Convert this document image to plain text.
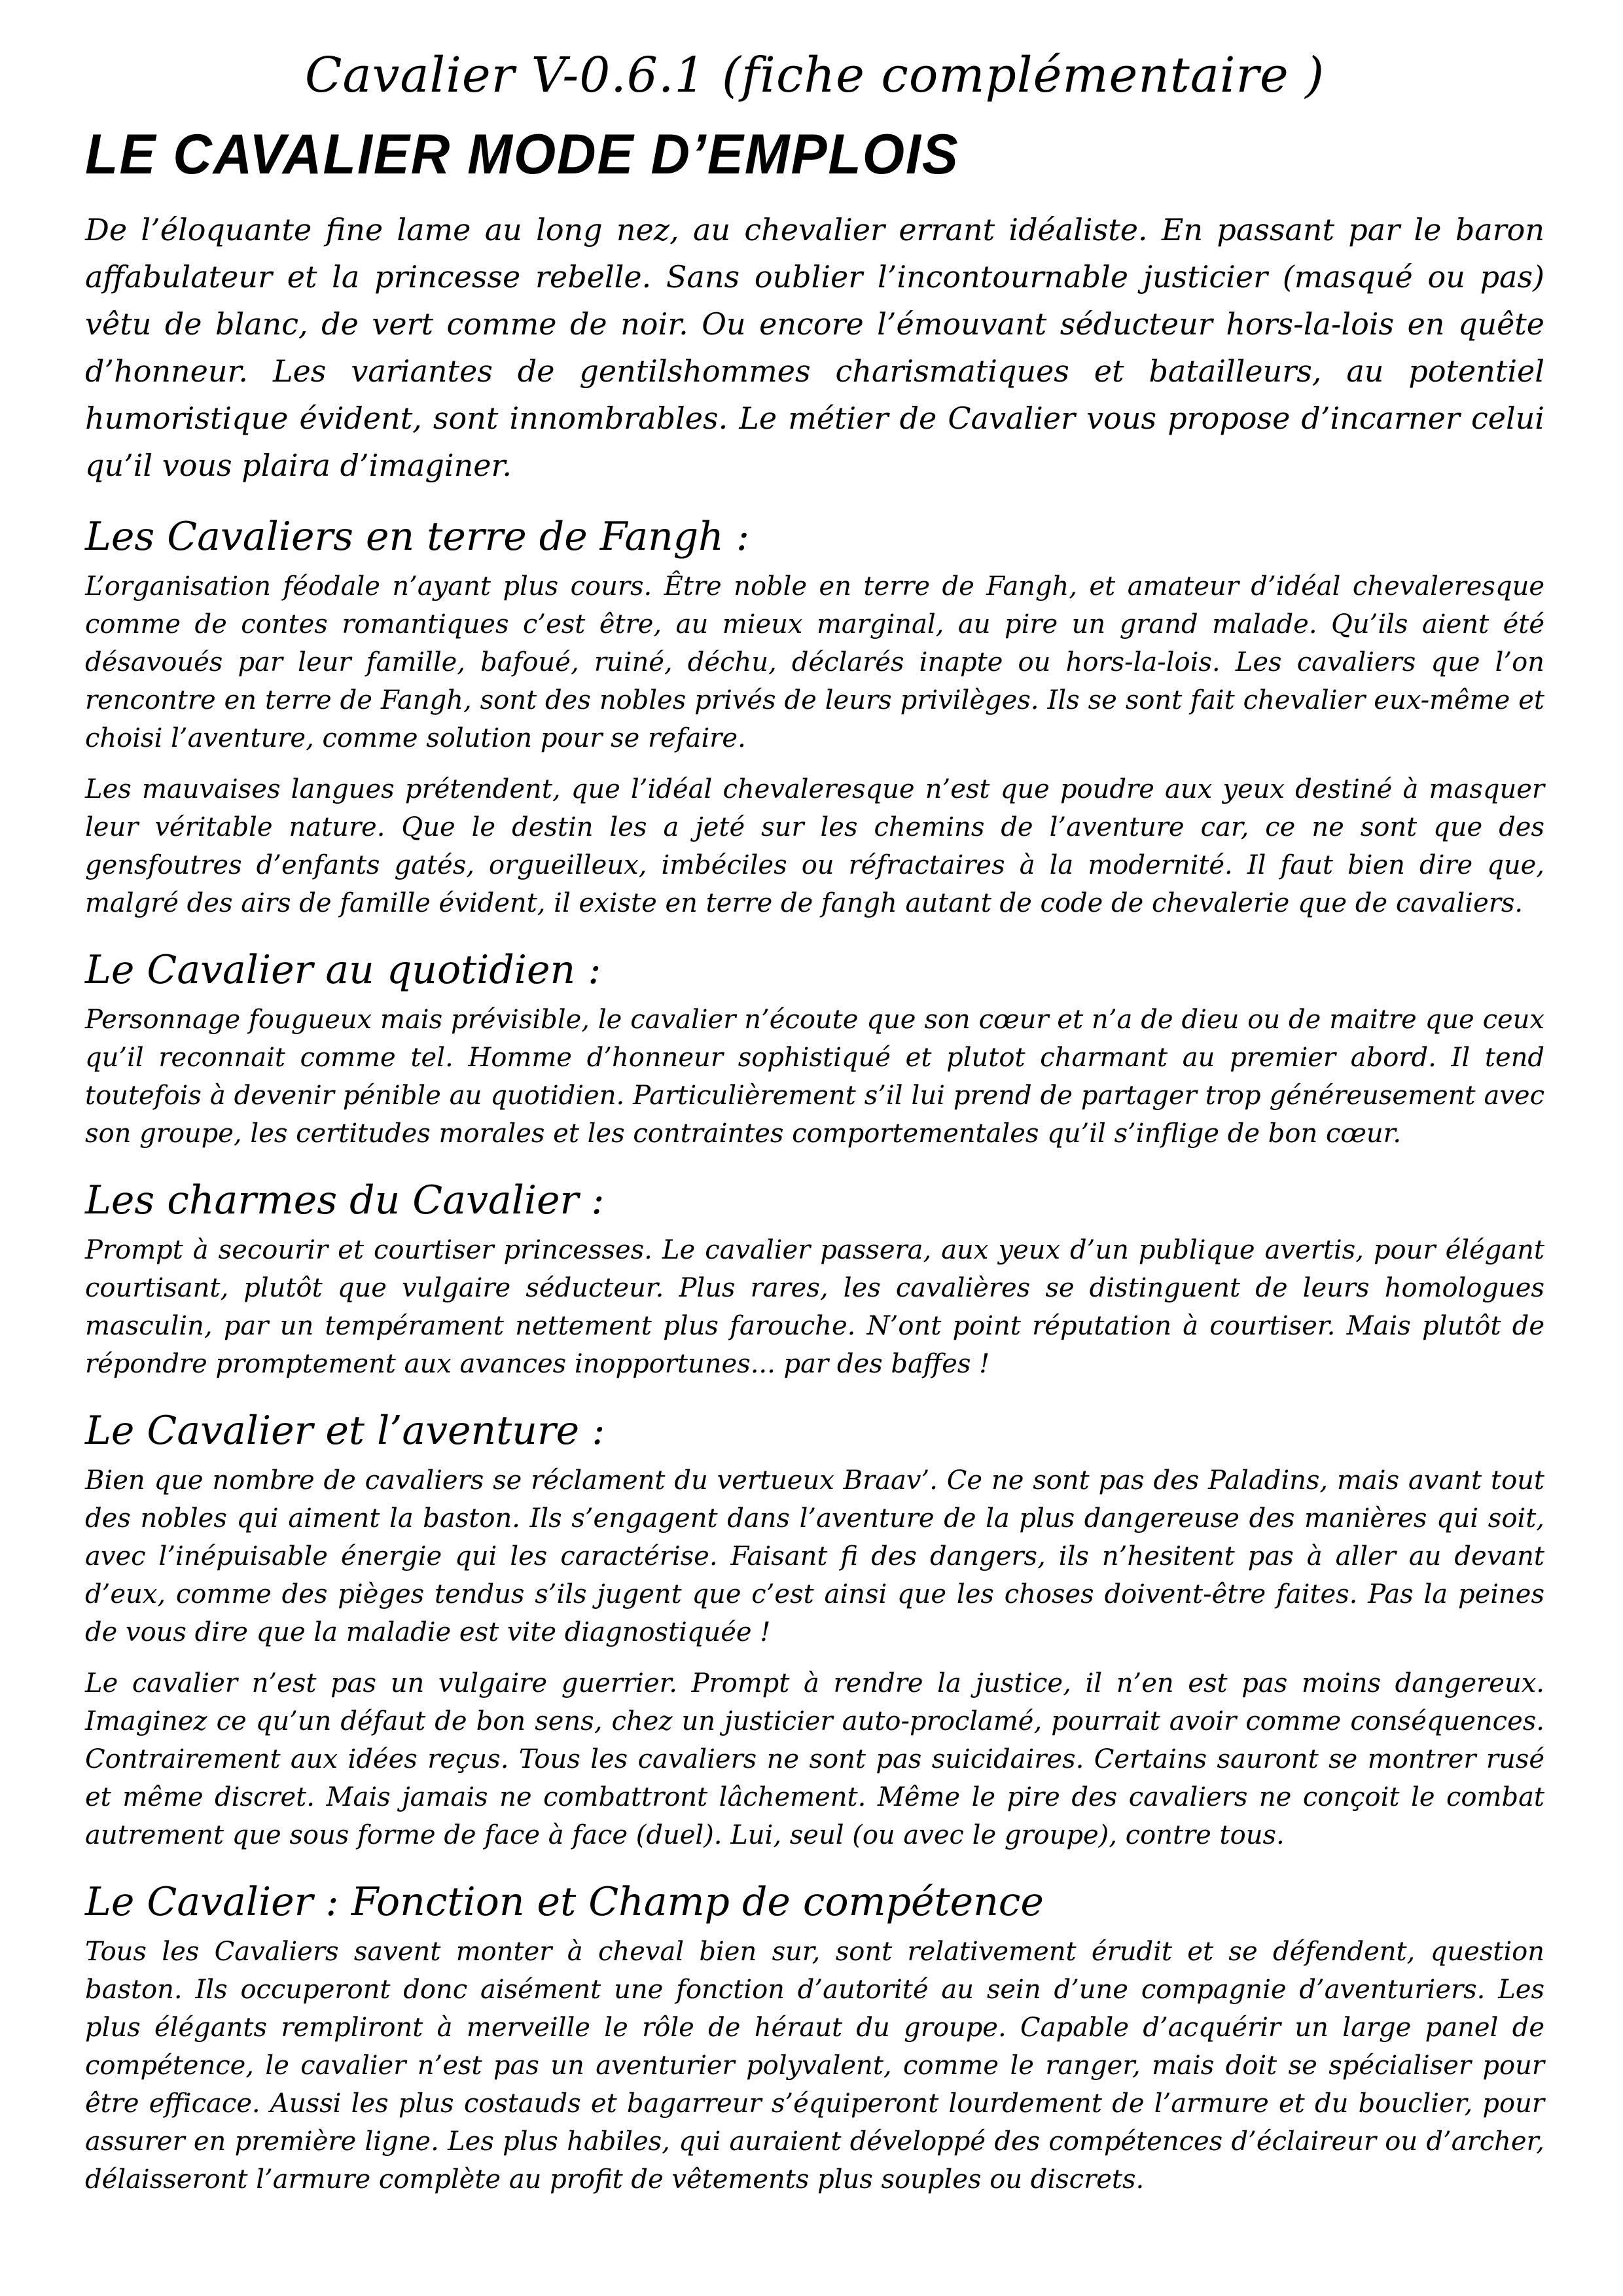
Cavalier V-0.6.1 (fiche complémentaire )
LE CAVALIER MODE D’EMPLOIS

De l’éloquante fine lame au long nez, au chevalier errant idéaliste. En passant par le baron affabulateur et la princesse rebelle. Sans oublier l’incontournable justicier (masqué ou pas) vêtu de blanc, de vert comme de noir. Ou encore l’émouvant séducteur hors-la-lois en quête d’honneur. Les variantes de gentilshommes charismatiques et batailleurs, au potentiel humoristique évident, sont innombrables. Le métier de Cavalier vous propose d’incarner celui qu’il vous plaira d’imaginer.

Les Cavaliers en terre de Fangh :

L’organisation féodale n’ayant plus cours. Être noble en terre de Fangh, et amateur d’idéal chevaleresque comme de contes romantiques c’est être, au mieux marginal, au pire un grand malade. Qu’ils aient été désavoués par leur famille, bafoué, ruiné, déchu, déclarés inapte ou hors-la-lois. Les cavaliers que l’on rencontre en terre de Fangh, sont des nobles privés de leurs privilèges. Ils se sont fait chevalier eux-même et choisi l’aventure, comme solution pour se refaire.

Les mauvaises langues prétendent, que l’idéal chevaleresque n’est que poudre aux yeux destiné à masquer leur véritable nature. Que le destin les a jeté sur les chemins de l’aventure car, ce ne sont que des gensfoutres d’enfants gatés, orgueilleux, imbéciles ou réfractaires à la modernité. Il faut bien dire que, malgré des airs de famille évident, il existe en terre de fangh autant de code de chevalerie que de cavaliers.

Le Cavalier au quotidien :

Personnage fougueux mais prévisible, le cavalier n’écoute que son cœur et n’a de dieu ou de maitre que ceux qu’il reconnait comme tel. Homme d’honneur sophistiqué et plutot charmant au premier abord. Il tend toutefois à devenir pénible au quotidien. Particulièrement s’il lui prend de partager trop généreusement avec son groupe, les certitudes morales et les contraintes comportementales qu’il s’inflige de bon cœur.

Les charmes du Cavalier :

Prompt à secourir et courtiser princesses. Le cavalier passera, aux yeux d’un publique avertis, pour élégant courtisant, plutôt que vulgaire séducteur. Plus rares, les cavalières se distinguent de leurs homologues masculin, par un tempérament nettement plus farouche. N’ont point réputation à courtiser. Mais plutôt de répondre promptement aux avances inopportunes... par des baffes !

Le Cavalier et l’aventure :

Bien que nombre de cavaliers se réclament du vertueux Braav’. Ce ne sont pas des Paladins, mais avant tout des nobles qui aiment la baston. Ils s’engagent dans l’aventure de la plus dangereuse des manières qui soit, avec l’inépuisable énergie qui les caractérise. Faisant fi des dangers, ils n’hesitent pas à aller au devant d’eux, comme des pièges tendus s’ils jugent que c’est ainsi que les choses doivent-être faites. Pas la peines de vous dire que la maladie est vite diagnostiquée !

Le cavalier n’est pas un vulgaire guerrier. Prompt à rendre la justice, il n’en est pas moins dangereux. Imaginez ce qu’un défaut de bon sens, chez un justicier auto-proclamé, pourrait avoir comme conséquences. Contrairement aux idées reçus. Tous les cavaliers ne sont pas suicidaires. Certains sauront se montrer rusé et même discret. Mais jamais ne combattront lâchement. Même le pire des cavaliers ne conçoit le combat autrement que sous forme de face à face (duel). Lui, seul (ou avec le groupe), contre tous.

Le Cavalier : Fonction et Champ de compétence

Tous les Cavaliers savent monter à cheval bien sur, sont relativement érudit et se défendent, question baston. Ils occuperont donc aisément une fonction d’autorité au sein d’une compagnie d’aventuriers. Les plus élégants rempliront à merveille le rôle de héraut du groupe. Capable d’acquérir un large panel de compétence, le cavalier n’est pas un aventurier polyvalent, comme le ranger, mais doit se spécialiser pour être efficace. Aussi les plus costauds et bagarreur s’équiperont lourdement de l’armure et du bouclier, pour assurer en première ligne. Les plus habiles, qui auraient développé des compétences d’éclaireur ou d’archer, délaisseront l’armure complète au profit de vêtements plus souples ou discrets.
